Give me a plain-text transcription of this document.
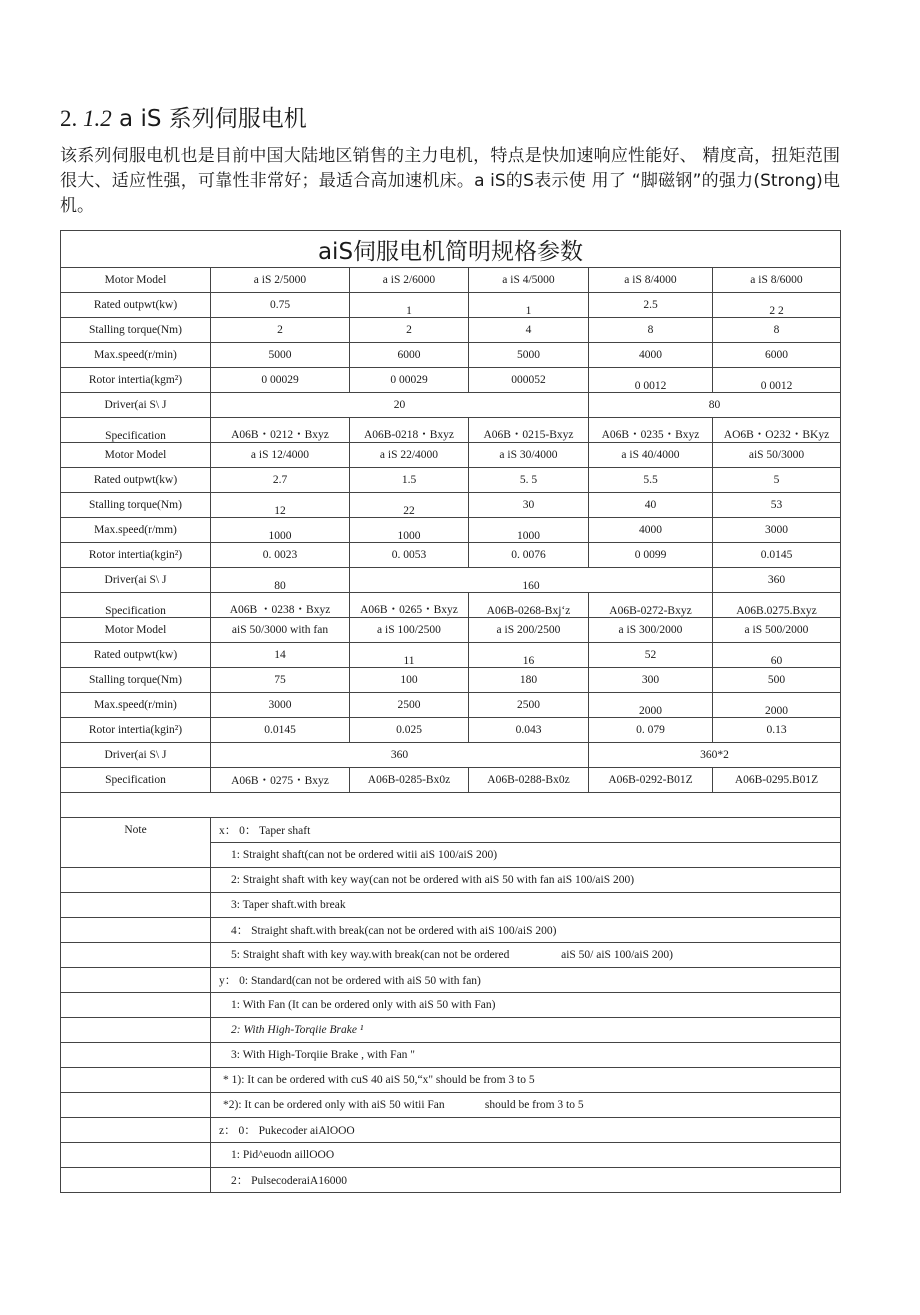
2. 1.2 a iS 系列伺服电机
该系列伺服电机也是目前中国大陆地区销售的主力电机，特点是快加速响应性能好、 精度高，扭矩范围很大、适应性强，可靠性非常好；最适合高加速机床。a iS的S表示使 用了 “脚磁钢”的强力(Strong)电机。
aiS伺服电机简明规格参数					
Motor Model	a iS 2/5000	a iS 2/6000	a iS 4/5000	a iS 8/4000	a iS 8/6000
Rated outpwt(kw)	0.75	1	1	2.5	2 2
Stalling torque(Nm)	2	2	4	8	8
Max.speed(r/min)	5000	6000	5000	4000	6000
Rotor intertia(kgm²)	0 00029	0 00029	000052	0 0012	0 0012
Driver(ai S\ J	20			80	
Specification	A06B・0212・Bxyz	A06B-0218・Bxyz	A06B・0215-Bxyz	A06B・0235・Bxyz	AO6B・O232・BKyz
Motor Model	a iS 12/4000	a iS 22/4000	a iS 30/4000	a iS 40/4000	aiS 50/3000
Rated outpwt(kw)	2.7	1.5	5. 5	5.5	5
Stalling torque(Nm)	12	22	30	40	53
Max.speed(r/mm)	1000	1000	1000	4000	3000
Rotor intertia(kgin²)	0. 0023	0. 0053	0. 0076	0 0099	0.0145
Driver(ai S\ J	80	160			360
Specification	A06B ・0238・Bxyz	A06B・0265・Bxyz	A06B-0268-Bxj‘z	A06B-0272-Bxyz	A06B.0275.Bxyz
Motor Model	aiS 50/3000 with fan	a iS 100/2500	a iS 200/2500	a iS 300/2000	a iS 500/2000
Rated outpwt(kw)	14	11	16	52	60
Stalling torque(Nm)	75	100	180	300	500
Max.speed(r/min)	3000	2500	2500	2000	2000
Rotor intertia(kgin²)	0.0145	0.025	0.043	0. 079	0.13
Driver(ai S\ J	360			360*2	
Specification	A06B・0275・Bxyz	A06B-0285-Bx0z	A06B-0288-Bx0z	A06B-0292-B01Z	A06B-0295.B01Z

Note	x： 0： Taper shaft				
	1: Straight shaft(can not be ordered witii aiS 100/aiS 200)				
	2: Straight shaft with key way(can not be ordered with aiS 50 with fan aiS 100/aiS 200)				
	3: Taper shaft.with break				
	4： Straight shaft.with break(can not be ordered with aiS 100/aiS 200)				
	5: Straight shaft with key way.with break(can not be ordered                  aiS 50/ aiS 100/aiS 200)				
	y： 0: Standard(can not be ordered with aiS 50 with fan)				
	1: With Fan (It can be ordered only with aiS 50 with Fan)				
	2: With High-Torqiie Brake ¹				
	3: With High-Torqiie Brake , with Fan "				
	* 1): It can be ordered with cuS 40 aiS 50,“x" should be from 3 to 5				
	*2): It can be ordered only with aiS 50 witii Fan              should be from 3 to 5				
	z： 0： Pukecoder aiAlOOO				
	1: Pid^euodn aillOOO				
	2： PulsecoderaiA16000				
